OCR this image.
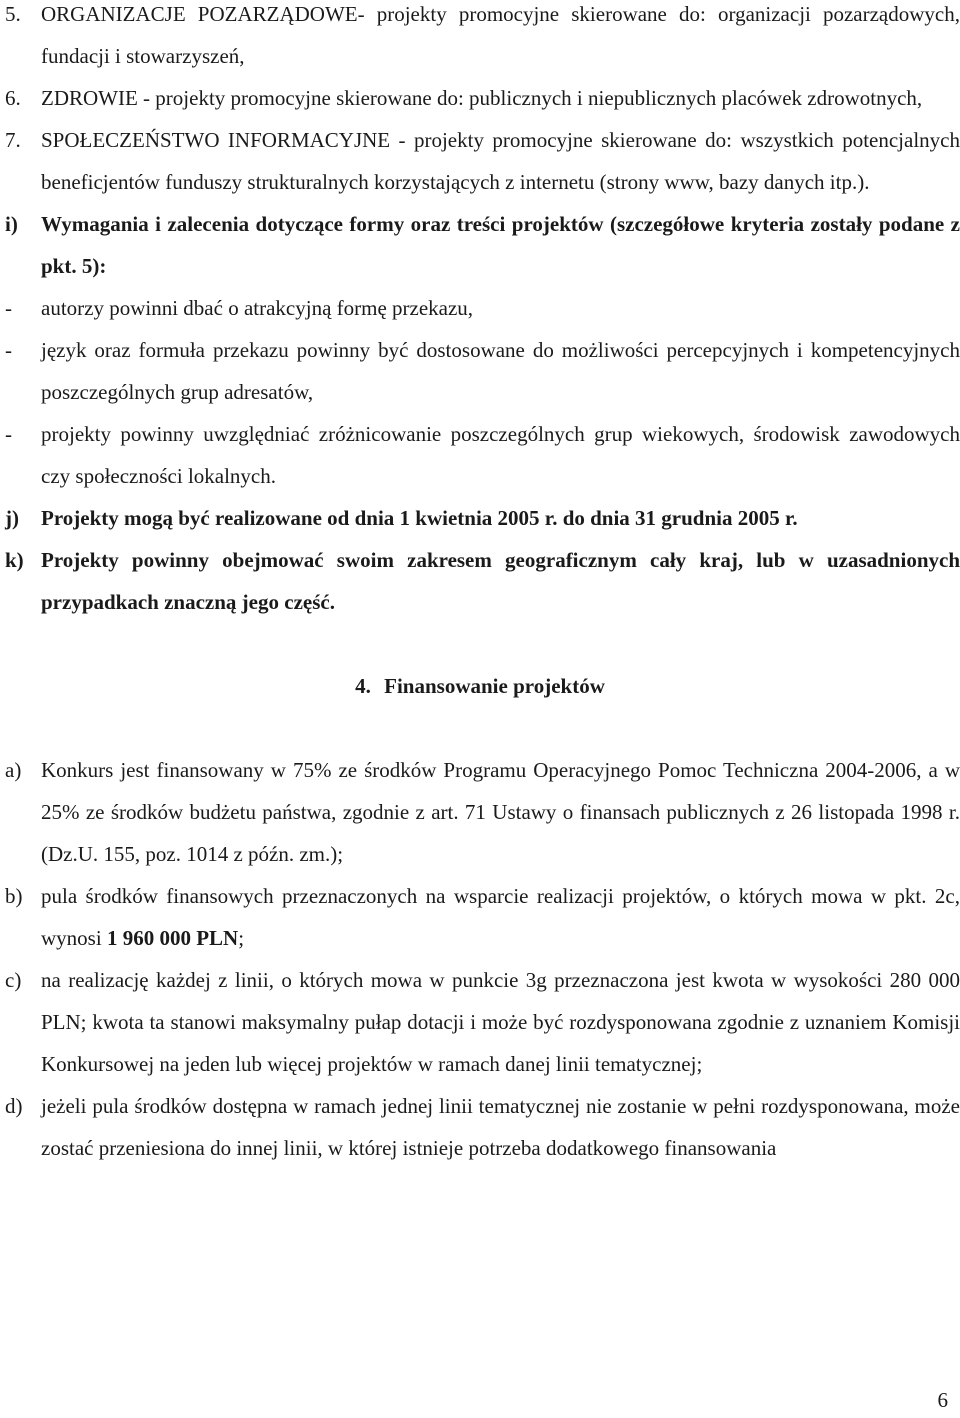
5. ORGANIZACJE POZARZĄDOWE- projekty promocyjne skierowane do: organizacji pozarządowych, fundacji i stowarzyszeń,

6. ZDROWIE - projekty promocyjne skierowane do: publicznych i niepublicznych placówek zdrowotnych,

7. SPOŁECZEŃSTWO INFORMACYJNE - projekty promocyjne skierowane do: wszystkich potencjalnych beneficjentów funduszy strukturalnych korzystających z internetu (strony www, bazy danych itp.).

i) Wymagania i zalecenia dotyczące formy oraz treści projektów (szczegółowe kryteria zostały podane z pkt. 5):

- autorzy powinni dbać o atrakcyjną formę przekazu,

- język oraz formuła przekazu powinny być dostosowane do możliwości percepcyjnych i kompetencyjnych poszczególnych grup adresatów,

- projekty powinny uwzględniać zróżnicowanie poszczególnych grup wiekowych, środowisk zawodowych czy społeczności lokalnych.

j) Projekty mogą być realizowane od dnia 1 kwietnia 2005 r. do dnia 31 grudnia 2005 r.

k) Projekty powinny obejmować swoim zakresem geograficznym cały kraj, lub w uzasadnionych przypadkach znaczną jego część.

4. Finansowanie projektów

a) Konkurs jest finansowany w 75% ze środków Programu Operacyjnego Pomoc Techniczna 2004-2006, a w 25% ze środków budżetu państwa, zgodnie z art. 71 Ustawy o finansach publicznych z 26 listopada 1998 r. (Dz.U. 155, poz. 1014 z późn. zm.);

b) pula środków finansowych przeznaczonych na wsparcie realizacji projektów, o których mowa w pkt. 2c, wynosi 1 960 000 PLN;

c) na realizację każdej z linii, o których mowa w punkcie 3g przeznaczona jest kwota w wysokości 280 000 PLN; kwota ta stanowi maksymalny pułap dotacji i może być rozdysponowana zgodnie z uznaniem Komisji Konkursowej na jeden lub więcej projektów w ramach danej linii tematycznej;

d) jeżeli pula środków dostępna w ramach jednej linii tematycznej nie zostanie w pełni rozdysponowana, może zostać przeniesiona do innej linii, w której istnieje potrzeba dodatkowego finansowania

6
